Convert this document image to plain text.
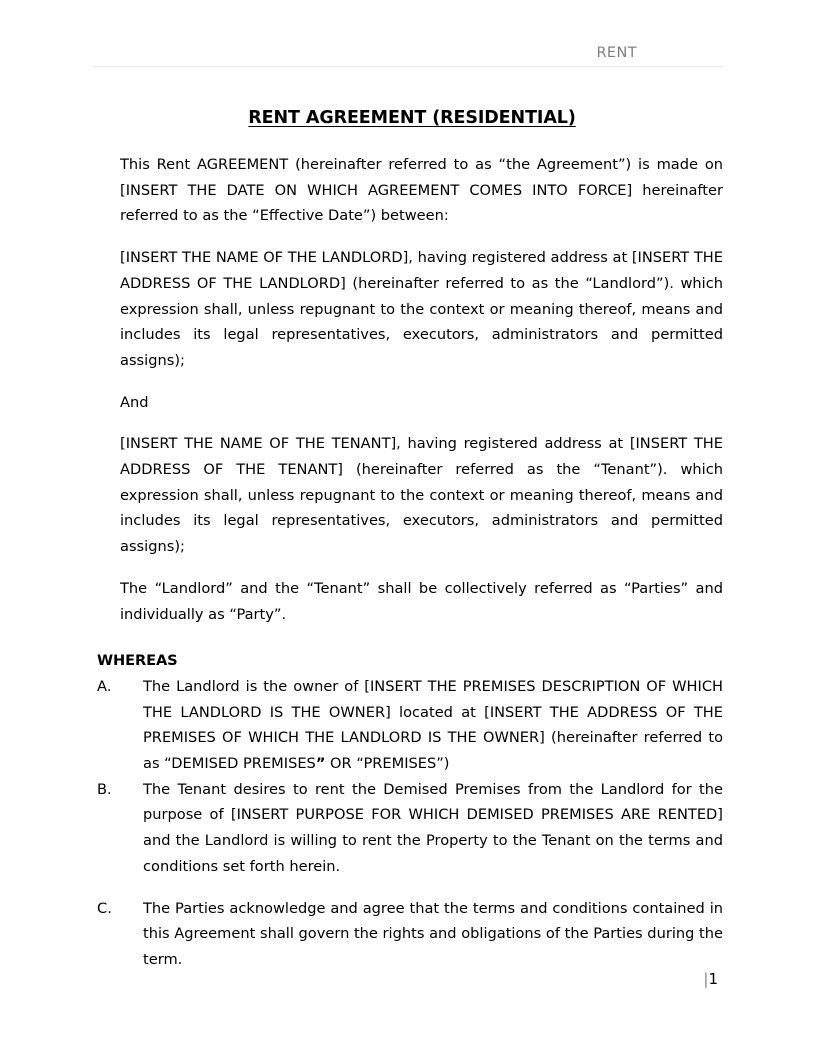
RENT
RENT AGREEMENT (RESIDENTIAL)

This Rent AGREEMENT (hereinafter referred to as “the Agreement”) is made on [INSERT THE DATE ON WHICH AGREEMENT COMES INTO FORCE] hereinafter referred to as the “Effective Date”) between:

[INSERT THE NAME OF THE LANDLORD], having registered address at [INSERT THE ADDRESS OF THE LANDLORD] (hereinafter referred to as the “Landlord”). which expression shall, unless repugnant to the context or meaning thereof, means and includes its legal representatives, executors, administrators and permitted assigns);

And

[INSERT THE NAME OF THE TENANT], having registered address at [INSERT THE ADDRESS OF THE TENANT] (hereinafter referred as the “Tenant”). which expression shall, unless repugnant to the context or meaning thereof, means and includes its legal representatives, executors, administrators and permitted assigns);

The “Landlord” and the “Tenant” shall be collectively referred as “Parties” and individually as “Party”.

WHEREAS
A. The Landlord is the owner of [INSERT THE PREMISES DESCRIPTION OF WHICH THE LANDLORD IS THE OWNER] located at [INSERT THE ADDRESS OF THE PREMISES OF WHICH THE LANDLORD IS THE OWNER] (hereinafter referred to as “DEMISED PREMISES” OR “PREMISES”)
B. The Tenant desires to rent the Demised Premises from the Landlord for the purpose of [INSERT PURPOSE FOR WHICH DEMISED PREMISES ARE RENTED] and the Landlord is willing to rent the Property to the Tenant on the terms and conditions set forth herein.
C. The Parties acknowledge and agree that the terms and conditions contained in this Agreement shall govern the rights and obligations of the Parties during the term.
|1
